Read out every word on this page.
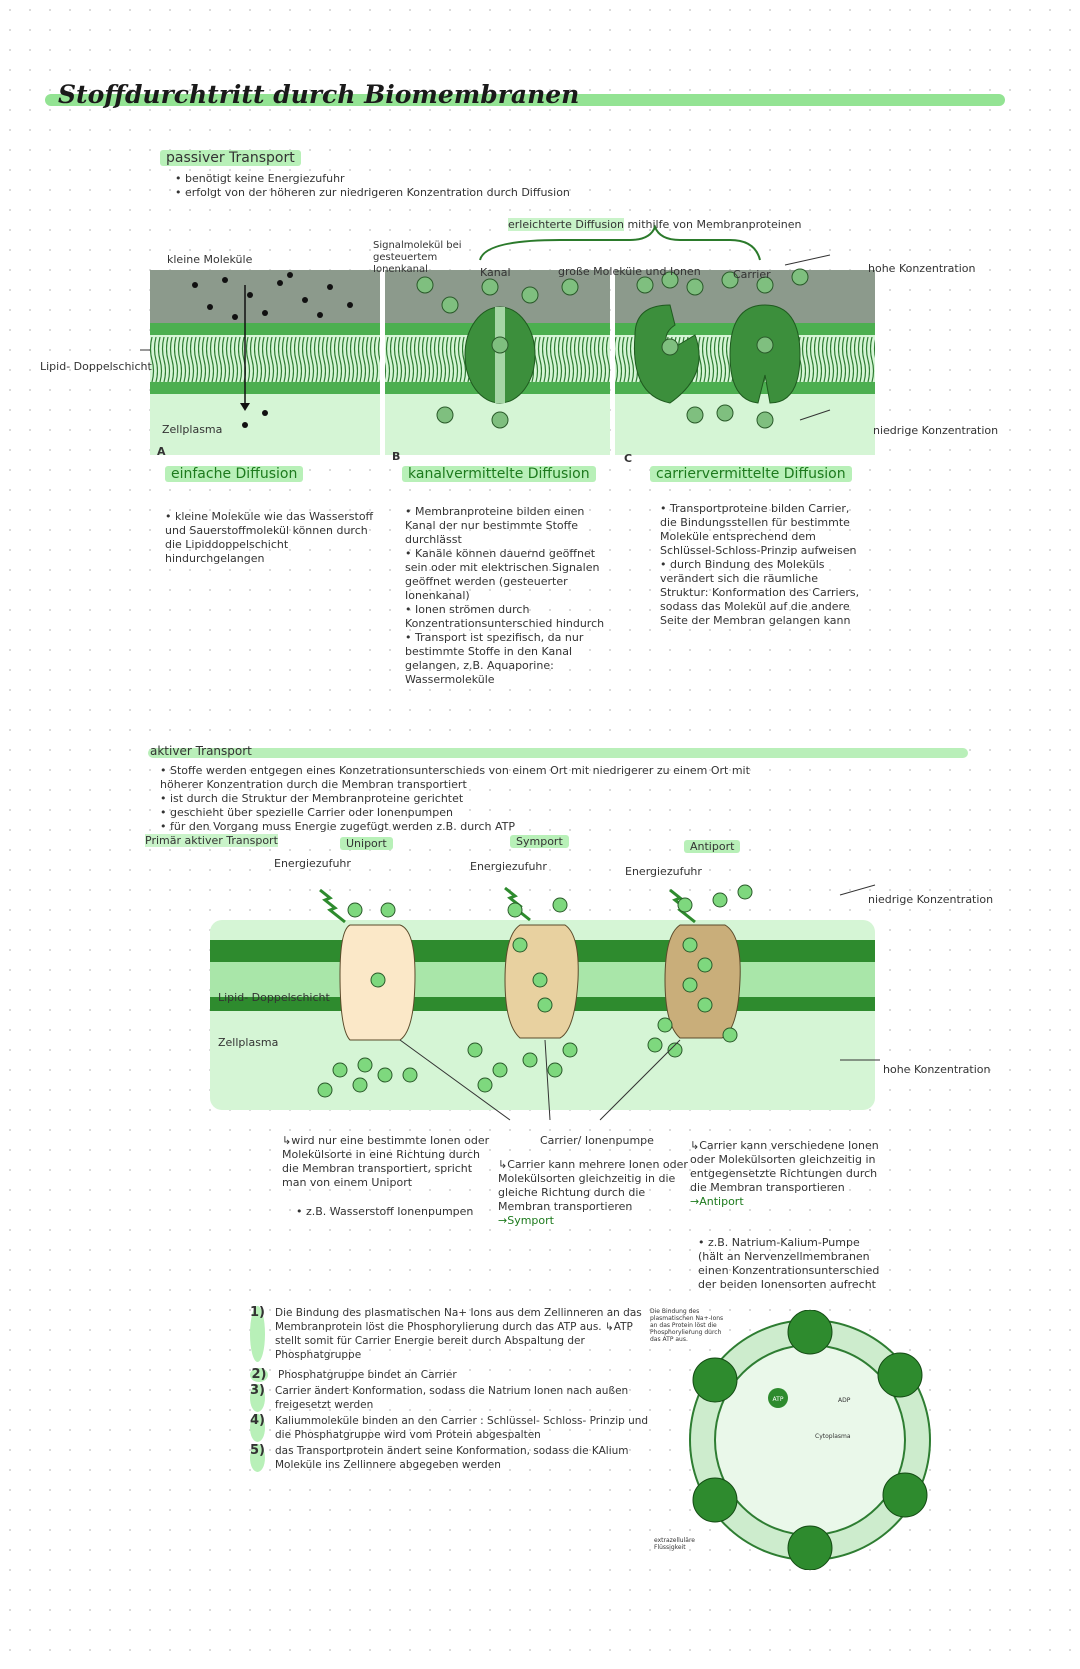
Stoffdurchtritt durch Biomembranen
passiver Transport
• benötigt keine Energiezufuhr
• erfolgt von der höheren zur niedrigeren Konzentration durch Diffusion
erleichterte Diffusion mithilfe von Membranproteinen
kleine Moleküle
Signalmolekül bei gesteuertem Ionenkanal	Kanal	große Moleküle und Ionen	Carrier	hohe Konzentration
Lipid- Doppelschicht
Zellplasma	niedrige Konzentration
A	B	C
einfache Diffusion	kanalvermittelte Diffusion	carriervermittelte Diffusion
• kleine Moleküle wie das Wasserstoff und Sauerstoffmolekül können durch die Lipiddoppelschicht hindurchgelangen
• Membranproteine bilden einen Kanal der nur bestimmte Stoffe durchlässt
• Kanäle können dauernd geöffnet sein oder mit elektrischen Signalen geöffnet werden (gesteuerter Ionenkanal)
• Ionen strömen durch Konzentrationsunterschied hindurch
• Transport ist spezifisch, da nur bestimmte Stoffe in den Kanal gelangen, z.B. Aquaporine: Wassermoleküle
• Transportproteine bilden Carrier, die Bindungsstellen für bestimmte Moleküle entsprechend dem Schlüssel-Schloss-Prinzip aufweisen
• durch Bindung des Moleküls verändert sich die räumliche Struktur: Konformation des Carriers, sodass das Molekül auf die andere Seite der Membran gelangen kann
aktiver Transport
• Stoffe werden entgegen eines Konzetrationsunterschieds von einem Ort mit niedrigerer zu einem Ort mit höherer Konzentration durch die Membran transportiert
• ist durch die Struktur der Membranproteine gerichtet
• geschieht über spezielle Carrier oder Ionenpumpen
• für den Vorgang muss Energie zugefügt werden z.B. durch ATP
Primär aktiver Transport	Uniport	Symport	Antiport
Energiezufuhr	Energiezufuhr	Energiezufuhr
niedrige Konzentration
hohe Konzentration
Lipid- Doppelschicht
Zellplasma
Carrier/ Ionenpumpe
↳wird nur eine bestimmte Ionen oder Molekülsorte in eine Richtung durch die Membran transportiert, spricht man von einem Uniport
• z.B. Wasserstoff Ionenpumpen
↳Carrier kann mehrere Ionen oder Molekülsorten gleichzeitig in die gleiche Richtung durch die Membran transportieren
→Symport
↳Carrier kann verschiedene Ionen oder Molekülsorten gleichzeitig in entgegensetzte Richtungen durch die Membran transportieren
→Antiport
• z.B. Natrium-Kalium-Pumpe (hält an Nervenzellmembranen einen Konzentrationsunterschied der beiden Ionensorten aufrecht
1) Die Bindung des plasmatischen Na+ Ions aus dem Zellinneren an das Membranprotein löst die Phosphorylierung durch das ATP aus. ↳ATP stellt somit für Carrier Energie bereit durch Abspaltung der Phosphatgruppe
2) Phosphatgruppe bindet an Carrier
3) Carrier ändert Konformation, sodass die Natrium Ionen nach außen freigesetzt werden
4) Kaliummoleküle binden an den Carrier : Schlüssel- Schloss- Prinzip und die Phosphatgruppe wird vom Protein abgespalten
5) das Transportprotein ändert seine Konformation, sodass die KAlium Moleküle ins Zellinnere abgegeben werden
Die Bindung des plasmatischen Na+-Ions an das Protein löst die Phosphorylierung durch das ATP aus.
ATP	ADP
Cytoplasma
extrazelluläre Flüssigkeit
